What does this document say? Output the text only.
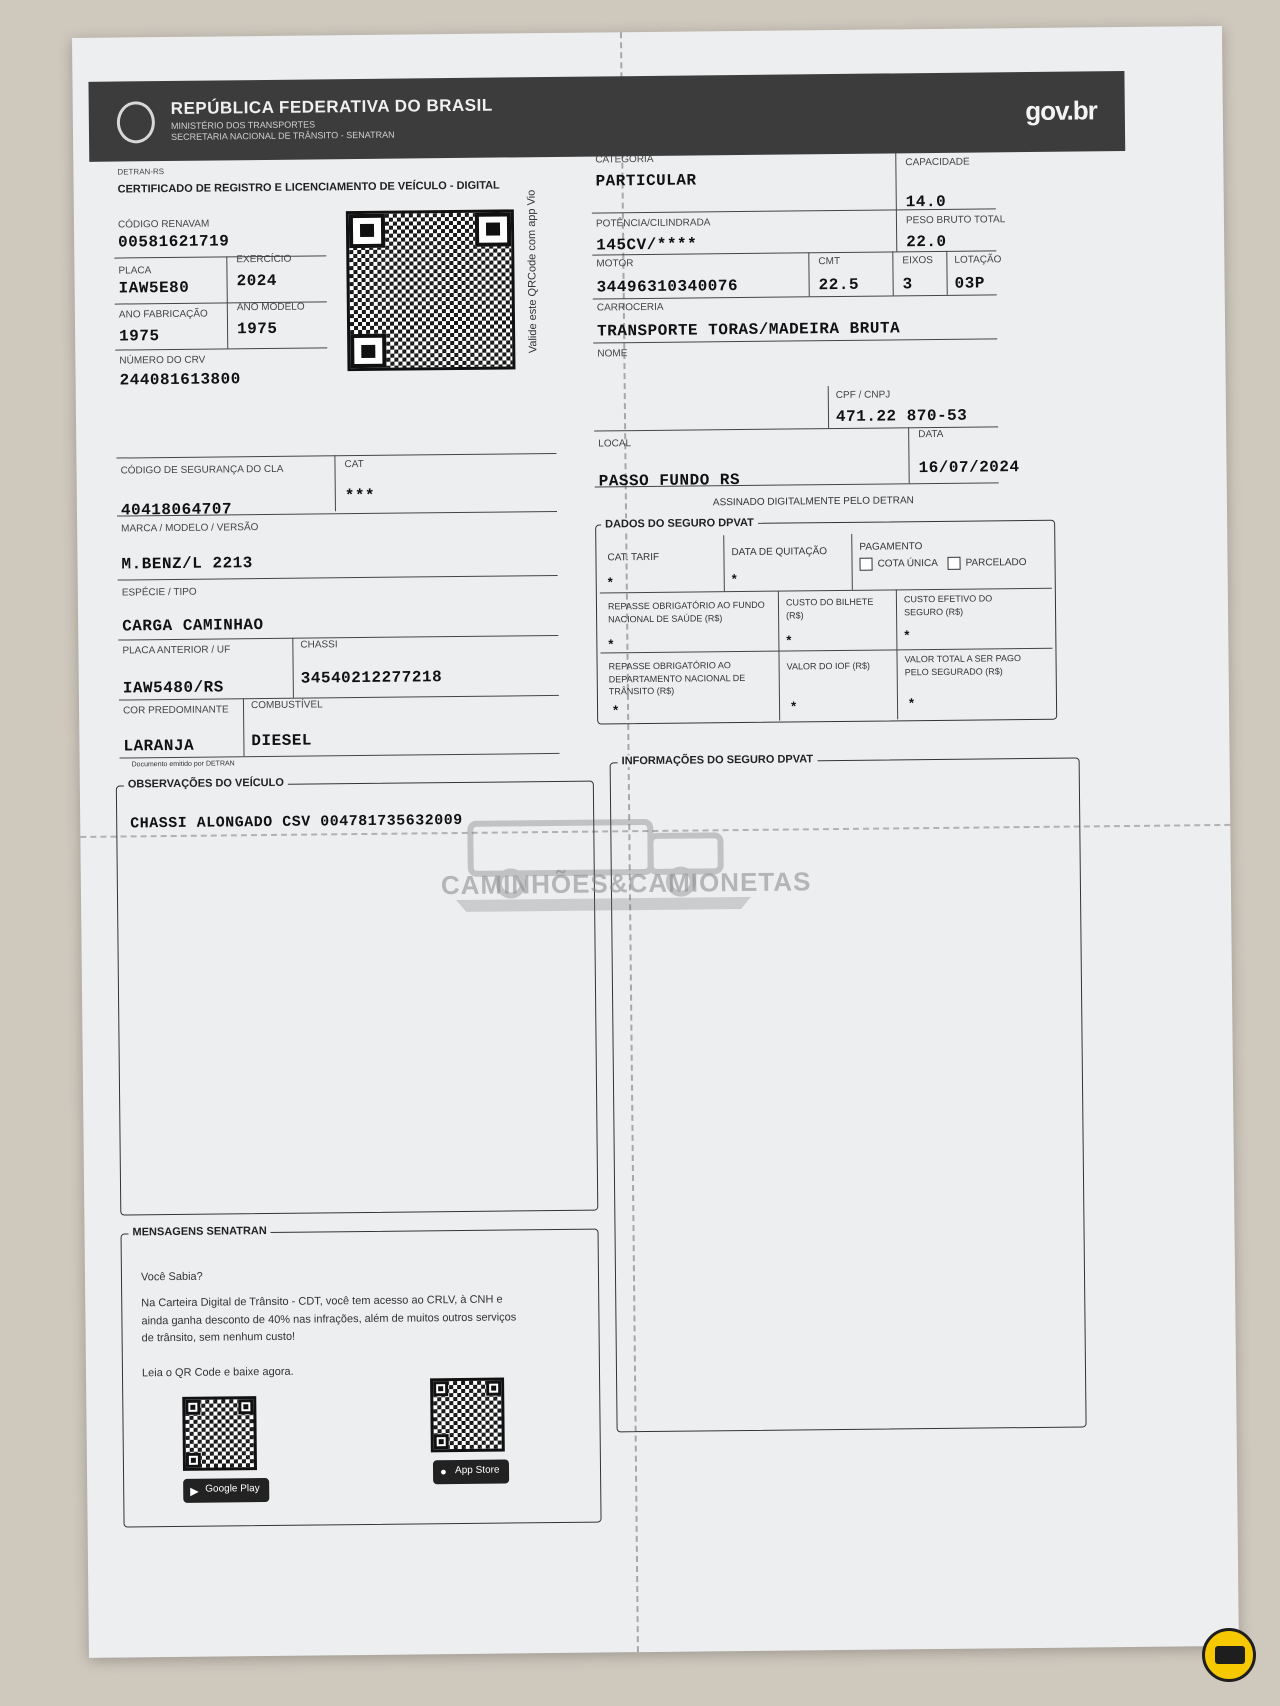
REPÚBLICA FEDERATIVA DO BRASIL
MINISTÉRIO DOS TRANSPORTES
SECRETARIA NACIONAL DE TRÂNSITO - SENATRAN
gov.br
DETRAN-RS
CERTIFICADO DE REGISTRO E LICENCIAMENTO DE VEÍCULO - DIGITAL
CÓDIGO RENAVAM
00581621719
PLACA
IAW5E80
EXERCÍCIO
2024
ANO FABRICAÇÃO
1975
ANO MODELO
1975
NÚMERO DO CRV
244081613800
Valide este QRCode com app Vio
CÓDIGO DE SEGURANÇA DO CLA
40418064707
CAT
***
MARCA / MODELO / VERSÃO
M.BENZ/L 2213
ESPÉCIE / TIPO
CARGA CAMINHAO
PLACA ANTERIOR / UF
IAW5480/RS
CHASSI
34540212277218
COR PREDOMINANTE
LARANJA
COMBUSTÍVEL
DIESEL
Documento emitido por DETRAN
CATEGORIA
PARTICULAR
CAPACIDADE
14.0
POTÊNCIA/CILINDRADA
145CV/****
PESO BRUTO TOTAL
22.0
MOTOR
34496310340076
CMT
22.5
EIXOS
3
LOTAÇÃO
03P
CARROCERIA
TRANSPORTE TORAS/MADEIRA BRUTA
NOME
CPF / CNPJ
471.22 870-53
LOCAL
PASSO FUNDO RS
DATA
16/07/2024
ASSINADO DIGITALMENTE PELO DETRAN
DADOS DO SEGURO DPVAT
CAT. TARIF
*
DATA DE QUITAÇÃO
*
PAGAMENTO
COTA ÚNICA	PARCELADO
REPASSE OBRIGATÓRIO AO FUNDO NACIONAL DE SAÚDE (R$)
*
CUSTO DO BILHETE (R$)
*
CUSTO EFETIVO DO SEGURO (R$)
*
REPASSE OBRIGATÓRIO AO DEPARTAMENTO NACIONAL DE TRÂNSITO (R$)
*
VALOR DO IOF (R$)
*
VALOR TOTAL A SER PAGO PELO SEGURADO (R$)
*
OBSERVAÇÕES DO VEÍCULO
CHASSI ALONGADO CSV 004781735632009
INFORMAÇÕES DO SEGURO DPVAT
MENSAGENS SENATRAN
Você Sabia?
Na Carteira Digital de Trânsito - CDT, você tem acesso ao CRLV, à CNH e ainda ganha desconto de 40% nas infrações, além de muitos outros serviços de trânsito, sem nenhum custo!
Leia o QR Code e baixe agora.
▶ Google Play
● App Store
CAMINHÕES&CAMIONETAS
